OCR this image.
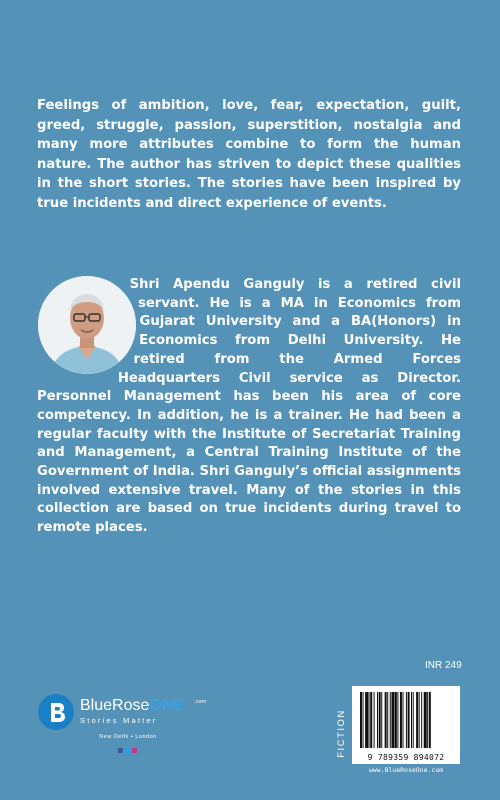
Feelings of ambition, love, fear, expectation, guilt, greed, struggle, passion, superstition, nostalgia and many more attributes combine to form the human nature. The author has striven to depict these qualities in the short stories. The stories have been inspired by true incidents and direct experience of events.

Shri Apendu Ganguly is a retired civil servant. He is a MA in Economics from Gujarat University and a BA(Honors) in Economics from Delhi University. He retired from the Armed Forces Headquarters Civil service as Director. Personnel Management has been his area of core competency. In addition, he is a trainer. He had been a regular faculty with the Institute of Secretariat Training and Management, a Central Training Institute of the Government of India. Shri Ganguly’s official assignments involved extensive travel. Many of the stories in this collection are based on true incidents during travel to remote places.

INR 249
FICTION
9 789359 894072
www.BlueRoseOne.com
BlueRoseONE .com
Stories Matter
New Delhi • London
